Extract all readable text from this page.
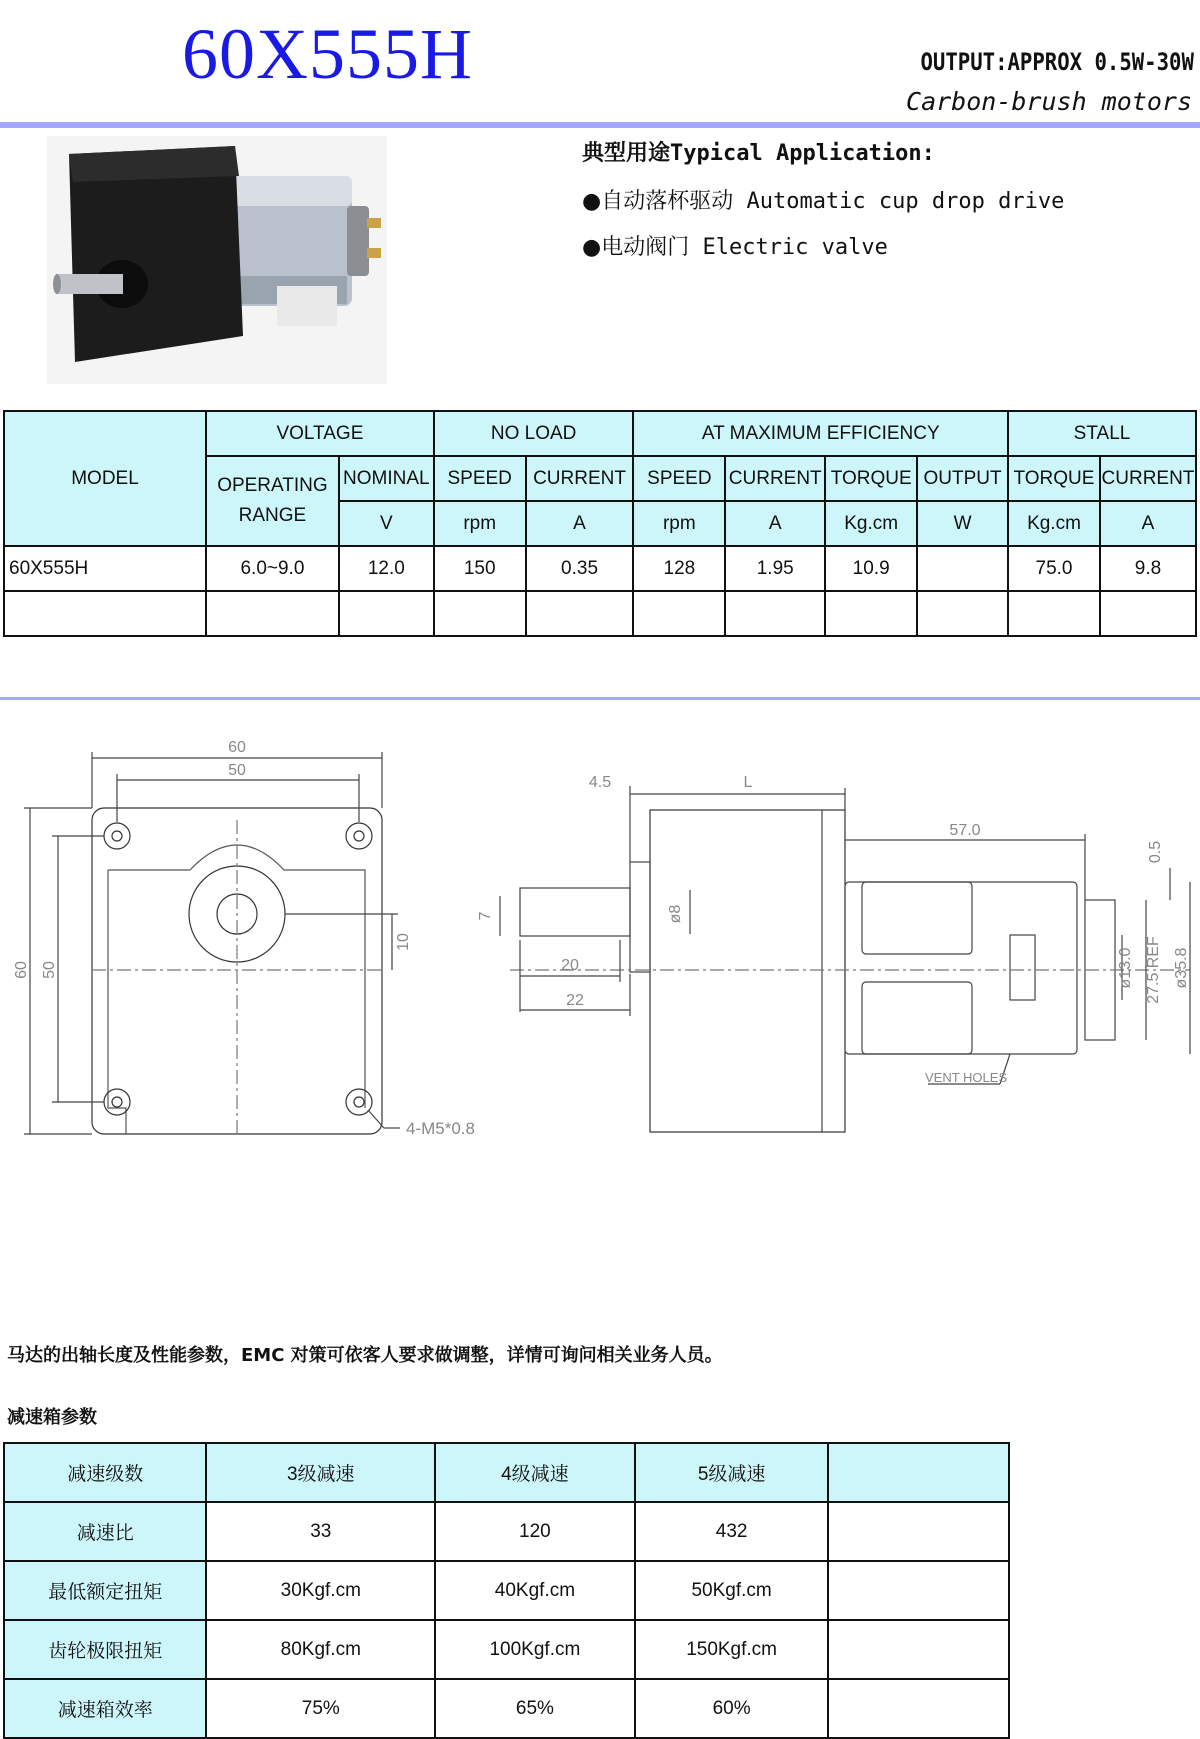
60X555H	OUTPUT:APPROX 0.5W-30W
Carbon-brush motors
典型用途Typical Application:
●自动落杯驱动 Automatic cup drop drive
●电动阀门 Electric valve
MODEL	VOLTAGE		NO LOAD		AT MAXIMUM EFFICIENCY				STALL	
	OPERATING
RANGE	NOMINAL	SPEED	CURRENT	SPEED	CURRENT	TORQUE	OUTPUT	TORQUE	CURRENT
		V	rpm	A	rpm	A	Kg.cm	W	Kg.cm	A
60X555H	6.0~9.0	12.0	150	0.35	128	1.95	10.9		75.0	9.8

60
50
60 50
10
4-M5*0.8
4.5	L
57.0
0.5
7	ø8
20
22
ø13.0 27.5 REF ø35.8
VENT HOLES
马达的出轴长度及性能参数，EMC 对策可依客人要求做调整，详情可询问相关业务人员。
减速箱参数
减速级数	3级减速	4级减速	5级减速	
减速比	33	120	432	
最低额定扭矩	30Kgf.cm	40Kgf.cm	50Kgf.cm	
齿轮极限扭矩	80Kgf.cm	100Kgf.cm	150Kgf.cm	
减速箱效率	75%	65%	60%	
